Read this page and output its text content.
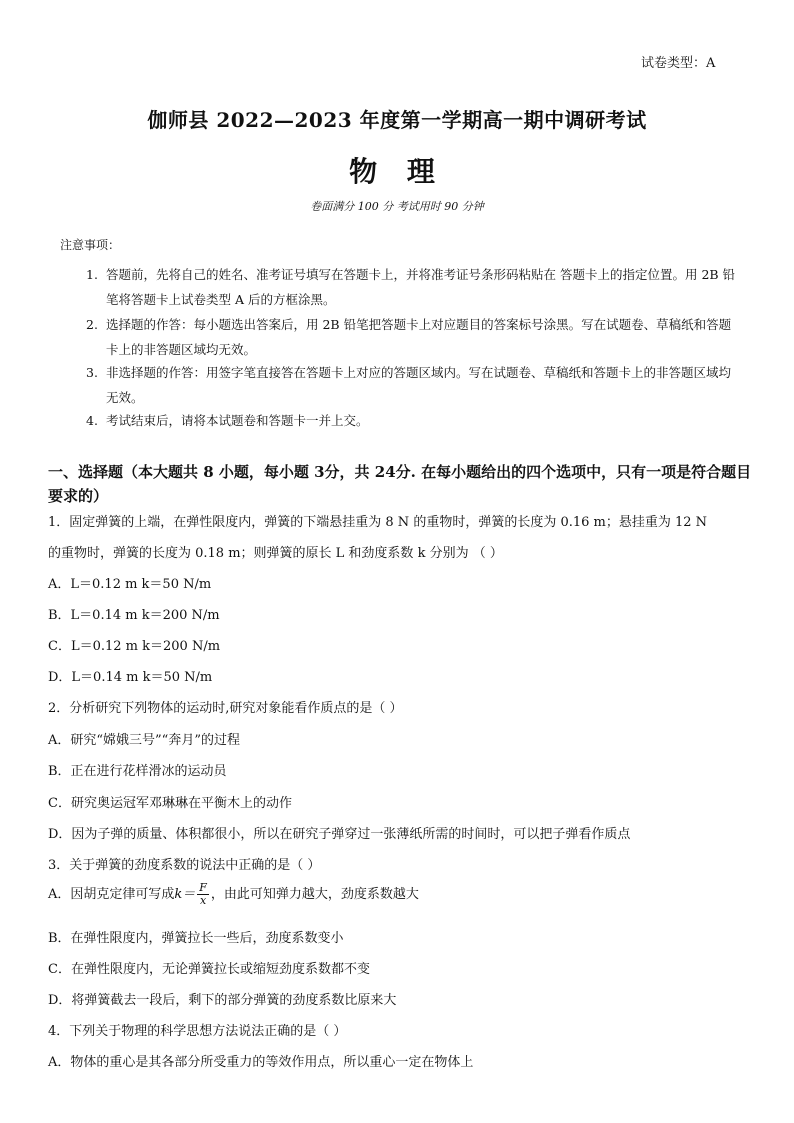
试卷类型：A
伽师县 2022—2023 年度第一学期高一期中调研考试
物 理
卷面满分 100 分 考试用时 90 分钟
注意事项：
1. 答题前，先将自己的姓名、准考证号填写在答题卡上，并将准考证号条形码粘贴在 答题卡上的指定位置。用 2B 铅笔将答题卡上试卷类型 A 后的方框涂黑。
2. 选择题的作答：每小题选出答案后，用 2B 铅笔把答题卡上对应题目的答案标号涂黑。写在试题卷、草稿纸和答题卡上的非答题区域均无效。
3. 非选择题的作答：用签字笔直接答在答题卡上对应的答题区域内。写在试题卷、草稿纸和答题卡上的非答题区域均无效。
4. 考试结束后，请将本试题卷和答题卡一并上交。
一、选择题（本大题共 8 小题，每小题 3分，共 24分. 在每小题给出的四个选项中，只有一项是符合题目要求的）
1．固定弹簧的上端，在弹性限度内，弹簧的下端悬挂重为 8 N 的重物时，弹簧的长度为 0.16 m；悬挂重为 12 N
的重物时，弹簧的长度为 0.18 m；则弹簧的原长 L 和劲度系数 k 分别为 （ ）
A．L＝0.12 m k＝50 N/m
B．L＝0.14 m k＝200 N/m
C．L＝0.12 m k＝200 N/m
D．L＝0.14 m k＝50 N/m
2．分析研究下列物体的运动时,研究对象能看作质点的是（ ）
A．研究“嫦娥三号”“奔月”的过程
B．正在进行花样滑冰的运动员
C．研究奥运冠军邓琳琳在平衡木上的动作
D．因为子弹的质量、体积都很小，所以在研究子弹穿过一张薄纸所需的时间时，可以把子弹看作质点
3．关于弹簧的劲度系数的说法中正确的是（ ）
A．因胡克定律可写成$k= \frac{F}{x}$ ，由此可知弹力越大，劲度系数越大
B．在弹性限度内，弹簧拉长一些后，劲度系数变小
C．在弹性限度内，无论弹簧拉长或缩短劲度系数都不变
D．将弹簧截去一段后，剩下的部分弹簧的劲度系数比原来大
4．下列关于物理的科学思想方法说法正确的是（ ）
A．物体的重心是其各部分所受重力的等效作用点，所以重心一定在物体上
